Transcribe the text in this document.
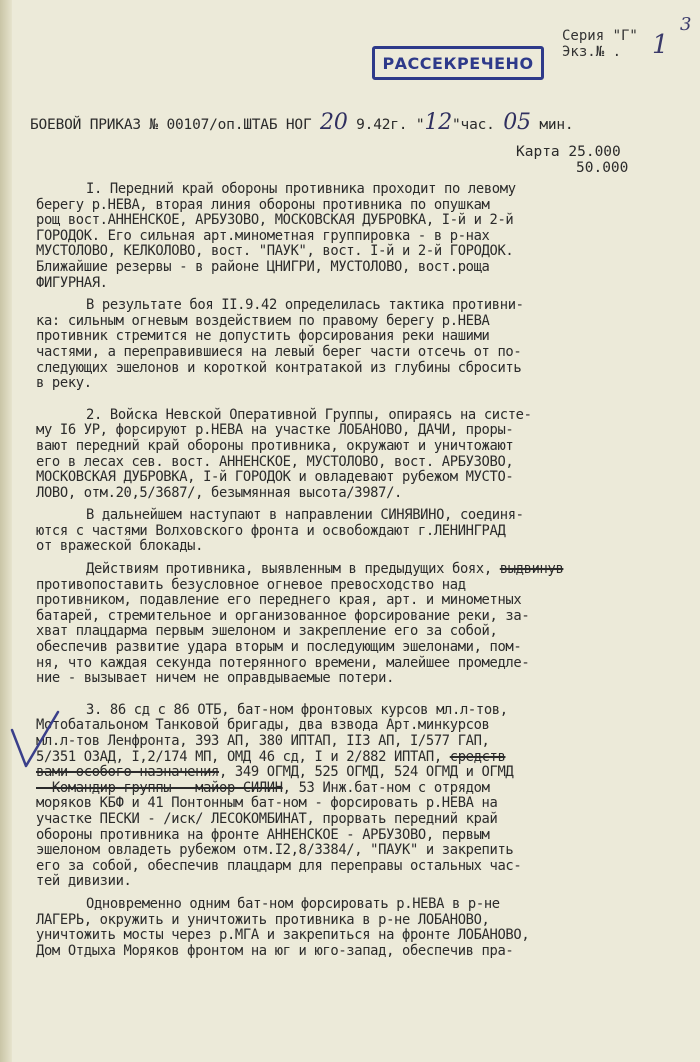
Серия "Г"
Экз.№ .	1
3
РАССЕКРЕЧЕНО
БОЕВОЙ ПРИКАЗ № 00107/оп.ШТАБ НОГ 20 9.42г. "12"час. 05 мин.
Карта 25.000
50.000
I. Передний край обороны противника проходит по левому
берегу р.НЕВА, вторая линия обороны противника по опушкам
рощ вост.АННЕНСКОЕ, АРБУЗОВО, МОСКОВСКАЯ ДУБРОВКА, I-й и 2-й
ГОРОДОК. Его сильная арт.минометная группировка - в р-нах
МУСТОЛОВО, КЕЛКОЛОВО, вост. "ПАУК", вост. I-й и 2-й ГОРОДОК.
Ближайшие резервы - в районе ЦНИГРИ, МУСТОЛОВО, вост.роща
ФИГУРНАЯ.
В результате боя II.9.42 определилась тактика противни-
ка: сильным огневым воздействием по правому берегу р.НЕВА
противник стремится не допустить форсирования реки нашими
частями, а переправившиеся на левый берег части отсечь от по-
следующих эшелонов и короткой контратакой из глубины сбросить
в реку.
2. Войска Невской Оперативной Группы, опираясь на систе-
му I6 УР, форсируют р.НЕВА на участке ЛОБАНОВО, ДАЧИ, проры-
вают передний край обороны противника, окружают и уничтожают
его в лесах сев. вост. АННЕНСКОЕ, МУСТОЛОВО, вост. АРБУЗОВО,
МОСКОВСКАЯ ДУБРОВКА, I-й ГОРОДОК и овладевают рубежом МУСТО-
ЛОВО, отм.20,5/3687/, безымянная высота/3987/.
В дальнейшем наступают в направлении СИНЯВИНО, соединя-
ются с частями Волховского фронта и освобождают г.ЛЕНИНГРАД
от вражеской блокады.
Действиям противника, выявленным в предыдущих боях, выдвинув
противопоставить безусловное огневое превосходство над
противником, подавление его переднего края, арт. и минометных
батарей, стремительное и организованное форсирование реки, за-
хват плацдарма первым эшелоном и закрепление его за собой,
обеспечив развитие удара вторым и последующим эшелонами, пом-
ня, что каждая секунда потерянного времени, малейшее промедле-
ние - вызывает ничем не оправдываемые потери.
3. 86 сд с 86 ОТБ, бат-ном фронтовых курсов мл.л-тов,
Мотобатальоном Танковой бригады, два взвода Арт.минкурсов
мл.л-тов Ленфронта, 393 АП, 380 ИПТАП, II3 АП, I/577 ГАП,
5/351 ОЗАД, I,2/174 МП, ОМД 46 сд, I и 2/882 ИПТАП, средств
вами особого назначения, 349 ОГМД, 525 ОГМД, 524 ОГМД и ОГМД
- Командир группы - майор СИЛИН, 53 Инж.бат-ном с отрядом
моряков КБФ и 41 Понтонным бат-ном - форсировать р.НЕВА на
участке ПЕСКИ - /иск/ ЛЕСОКОМБИНАТ, прорвать передний край
обороны противника на фронте АННЕНСКОЕ - АРБУЗОВО, первым
эшелоном овладеть рубежом отм.I2,8/3384/, "ПАУК" и закрепить
его за собой, обеспечив плацдарм для переправы остальных час-
тей дивизии.
Одновременно одним бат-ном форсировать р.НЕВА в р-не
ЛАГЕРЬ, окружить и уничтожить противника в р-не ЛОБАНОВО,
уничтожить мосты через р.МГА и закрепиться на фронте ЛОБАНОВО,
Дом Отдыха Моряков фронтом на юг и юго-запад, обеспечив пра-
